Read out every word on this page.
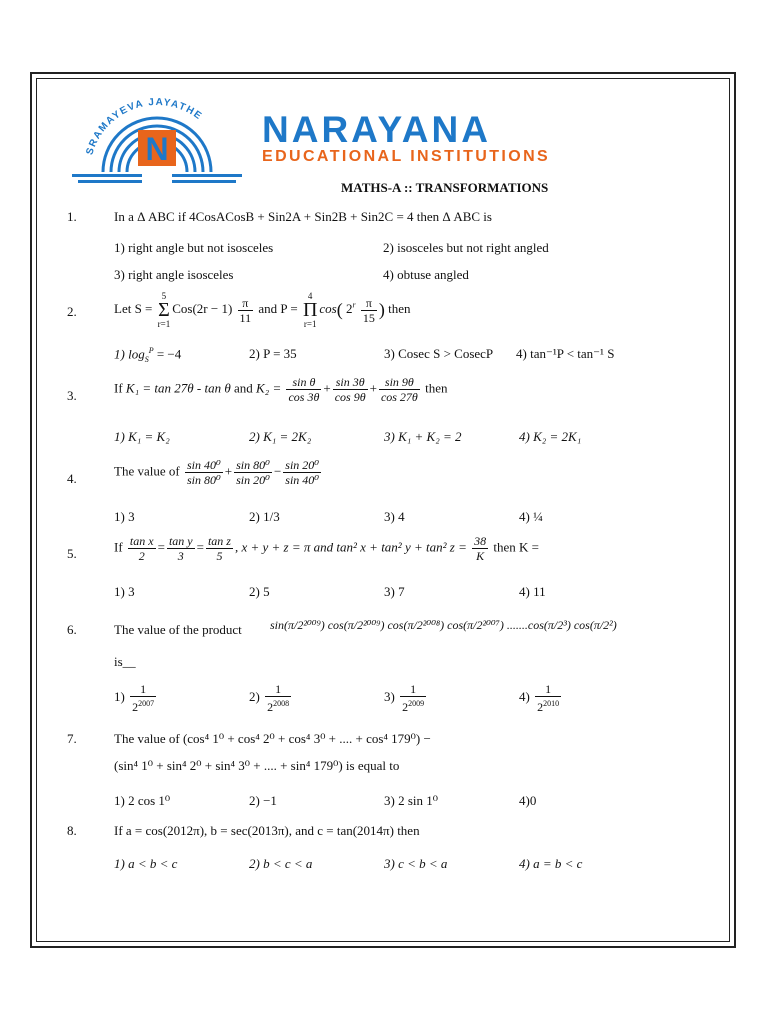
SRAMAYEVA JAYATHE
N	NARAYANA
EDUCATIONAL INSTITUTIONS
MATHS-A :: TRANSFORMATIONS
1.	In a Δ ABC if 4CosACosB + Sin2A + Sin2B + Sin2C = 4 then Δ ABC is
1) right angle but not isosceles	2) isosceles but not right angled
3) right angle isosceles	4) obtuse angled
2.	Let S = 5
Σ
$r=1Cos(2r - 1) \frac{\pi}{11}$ and P = 4
Π
r=1cos( $2^r \frac{\pi}{15}$ ) then
1) $\log_S^P = -4$	2) P = 35	3) Cosec S > CosecP 4) tan⁻¹P < tan⁻¹ S
3.
If K₁ = tan 27θ - tan θ and $K_2 = \frac{\text{sin θ}}{\cos 3\theta} + \frac{\sin 3\theta}{\cos 9\theta} + \frac{\sin 9\theta}{\cos 27\theta}$ then
1) K₁ = K₂	2) K₁ = 2K₂	3) K₁ + K₂ = 2	4) K₂ = 2K₁
4.
The value of $\frac{\text{sin 40⁰}}{\text{sin 80⁰}} + \frac{\text{sin 80⁰}}{\text{sin 20⁰}} - \frac{\text{sin 20⁰}}{\text{sin 40⁰}}$
1) 3	2) 1/3	3) 4	4) ¼
5.	If $\frac{\text{tan x}}{2} = \frac{\text{tan y}}{3} = \frac{\text{tan z}}{5}$ , x + y + z = π and tan² x + tan² y + tan² $z = \frac{38}{K}$ then K =
1) 3	2) 5	3) 7	4) 11
6.	The value of the product sin(π/2²⁰⁰⁹) cos(π/2²⁰⁰⁹) cos(π/2²⁰⁰⁸) cos(π/2²⁰⁰⁷) .......cos(π/2³) cos(π/2²)
is__
$1) \frac{1}{2^{2007}}$	$2) \frac{1}{2^{2008}}$	$3) \frac{1}{2^{2009}}$	$4) \frac{1}{2^{2010}}$
7.	The value of (cos⁴ 1⁰ + cos⁴ 2⁰ + cos⁴ 3⁰ + .... + cos⁴ 179⁰) −
(sin⁴ 1⁰ + sin⁴ 2⁰ + sin⁴ 3⁰ + .... + sin⁴ 179⁰) is equal to
1) 2 cos 1⁰	2) −1	3) 2 sin 1⁰	4)0
8.	If a = cos(2012π), b = sec(2013π), and c = tan(2014π) then
1) a < b < c	2) b < c < a	3) c < b < a	4) a = b < c
